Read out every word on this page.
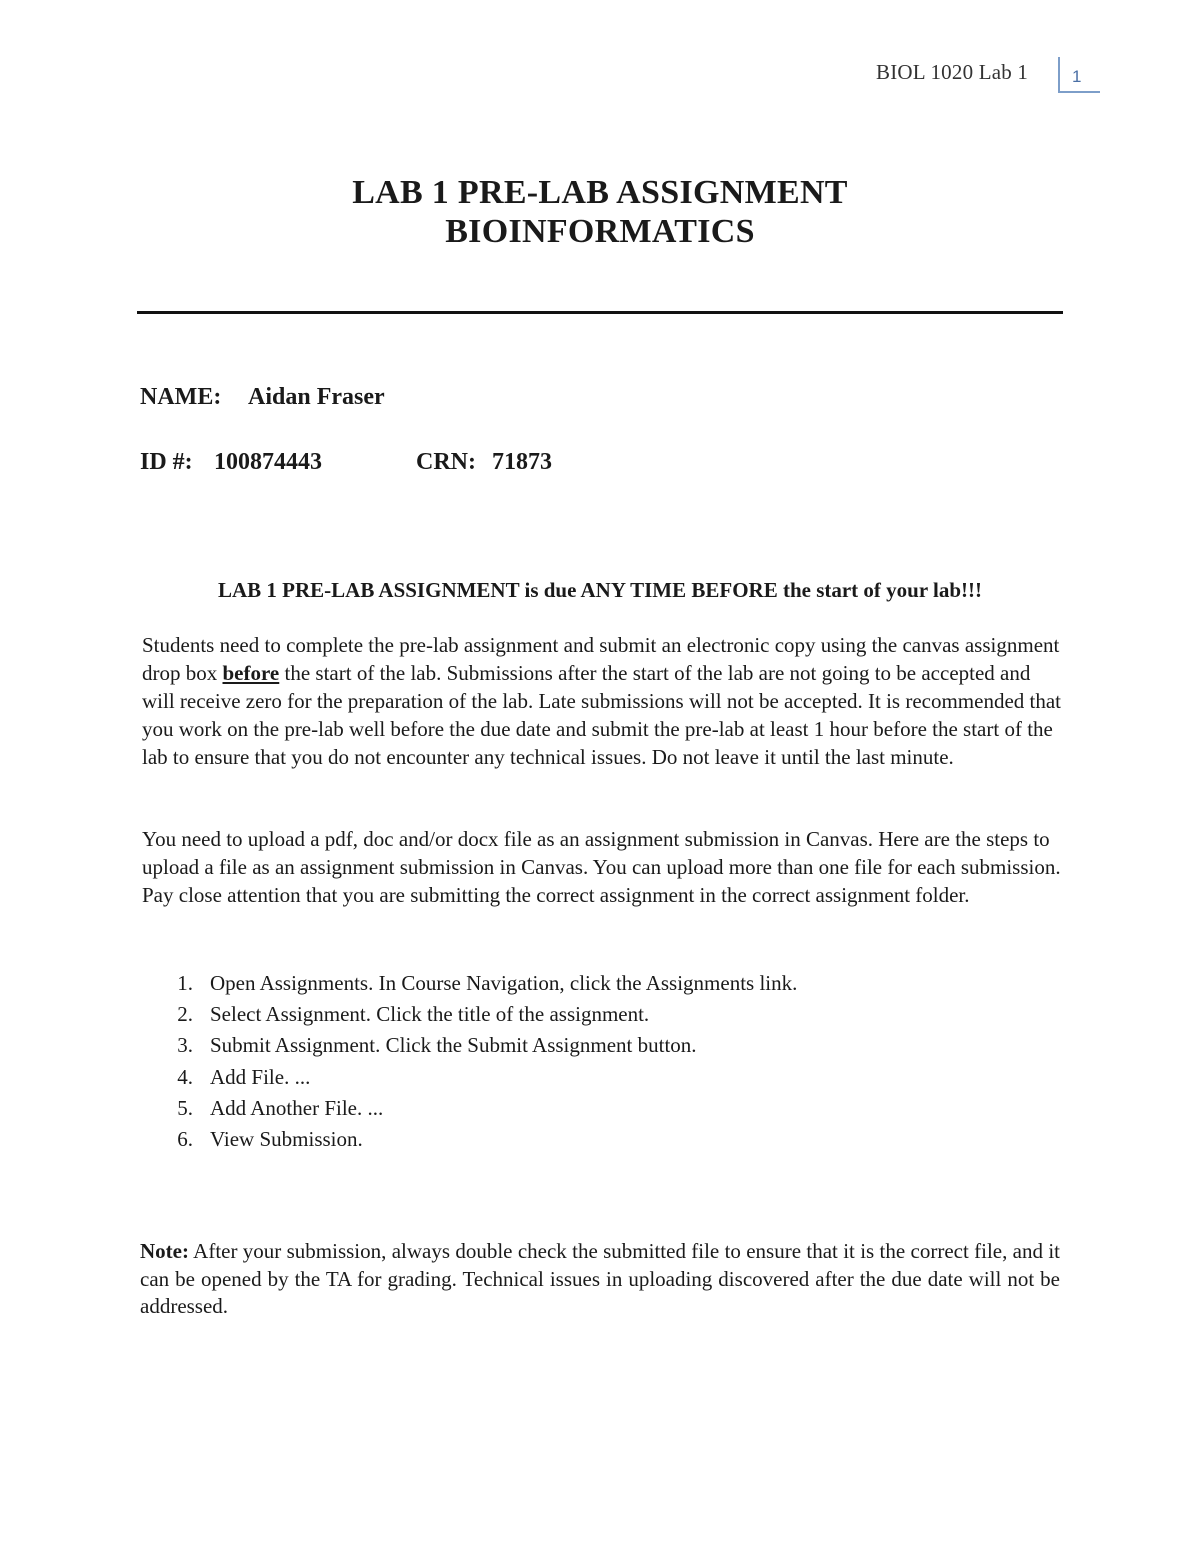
BIOL 1020 Lab 1	1
LAB 1 PRE-LAB ASSIGNMENT
BIOINFORMATICS
NAME: Aidan Fraser
ID #: 100874443	CRN: 71873
LAB 1 PRE-LAB ASSIGNMENT is due ANY TIME BEFORE the start of your lab!!!
Students need to complete the pre-lab assignment and submit an electronic copy using the canvas assignment drop box before the start of the lab. Submissions after the start of the lab are not going to be accepted and will receive zero for the preparation of the lab. Late submissions will not be accepted. It is recommended that you work on the pre-lab well before the due date and submit the pre-lab at least 1 hour before the start of the lab to ensure that you do not encounter any technical issues. Do not leave it until the last minute.
You need to upload a pdf, doc and/or docx file as an assignment submission in Canvas. Here are the steps to upload a file as an assignment submission in Canvas. You can upload more than one file for each submission. Pay close attention that you are submitting the correct assignment in the correct assignment folder.
1. Open Assignments. In Course Navigation, click the Assignments link.
2. Select Assignment. Click the title of the assignment.
3. Submit Assignment. Click the Submit Assignment button.
4. Add File. ...
5. Add Another File. ...
6. View Submission.
Note: After your submission, always double check the submitted file to ensure that it is the correct file, and it can be opened by the TA for grading. Technical issues in uploading discovered after the due date will not be addressed.
